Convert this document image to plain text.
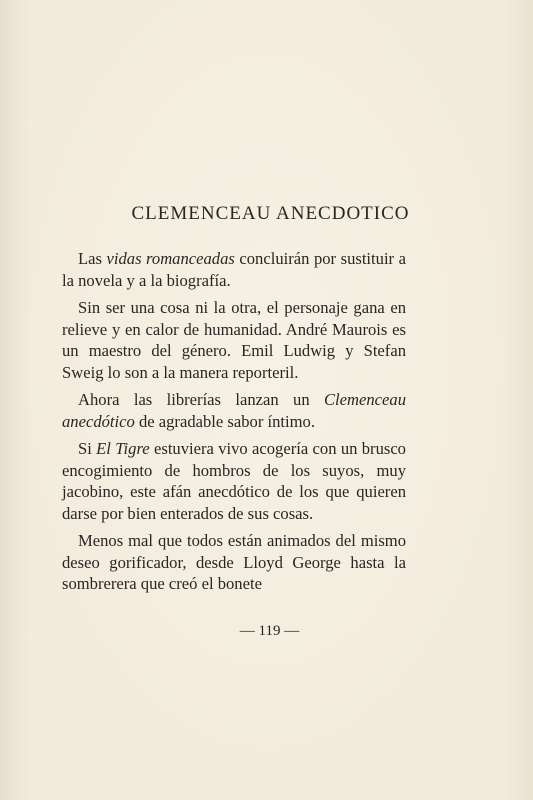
CLEMENCEAU ANECDOTICO

Las vidas romanceadas concluirán por sustituir a la novela y a la biografía.

Sin ser una cosa ni la otra, el personaje gana en relieve y en calor de humanidad. André Maurois es un maestro del género. Emil Ludwig y Stefan Sweig lo son a la manera reporteril.

Ahora las librerías lanzan un Clemenceau anecdótico de agradable sabor íntimo.

Si El Tigre estuviera vivo acogería con un brusco encogimiento de hombros de los suyos, muy jacobino, este afán anecdótico de los que quieren darse por bien enterados de sus cosas.

Menos mal que todos están animados del mismo deseo gorificador, desde Lloyd George hasta la sombrerera que creó el bonete

— 119 —
